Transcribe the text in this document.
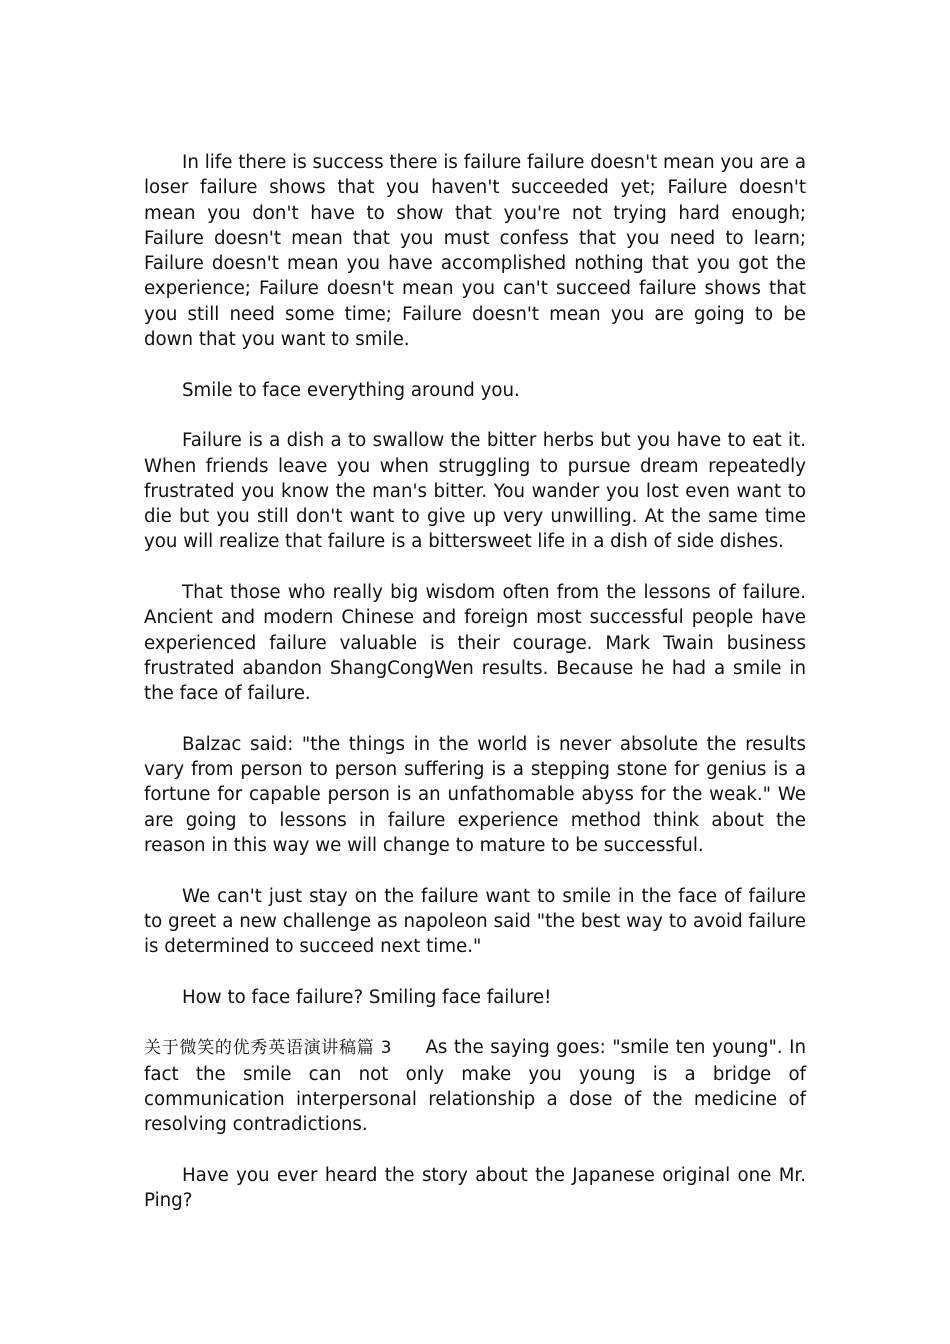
In life there is success there is failure failure doesn't mean you are a loser failure shows that you haven't succeeded yet; Failure doesn't mean you don't have to show that you're not trying hard enough; Failure doesn't mean that you must confess that you need to learn; Failure doesn't mean you have accomplished nothing that you got the experience; Failure doesn't mean you can't succeed failure shows that you still need some time; Failure doesn't mean you are going to be down that you want to smile.

Smile to face everything around you.

Failure is a dish a to swallow the bitter herbs but you have to eat it. When friends leave you when struggling to pursue dream repeatedly frustrated you know the man's bitter. You wander you lost even want to die but you still don't want to give up very unwilling. At the same time you will realize that failure is a bittersweet life in a dish of side dishes.

That those who really big wisdom often from the lessons of failure. Ancient and modern Chinese and foreign most successful people have experienced failure valuable is their courage. Mark Twain business frustrated abandon ShangCongWen results. Because he had a smile in the face of failure.

Balzac said: "the things in the world is never absolute the results vary from person to person suffering is a stepping stone for genius is a fortune for capable person is an unfathomable abyss for the weak." We are going to lessons in failure experience method think about the reason in this way we will change to mature to be successful.

We can't just stay on the failure want to smile in the face of failure to greet a new challenge as napoleon said "the best way to avoid failure is determined to succeed next time."

How to face failure? Smiling face failure!

关于微笑的优秀英语演讲稿篇 3 As the saying goes: "smile ten young". In fact the smile can not only make you young is a bridge of communication interpersonal relationship a dose of the medicine of resolving contradictions.

Have you ever heard the story about the Japanese original one Mr. Ping?
